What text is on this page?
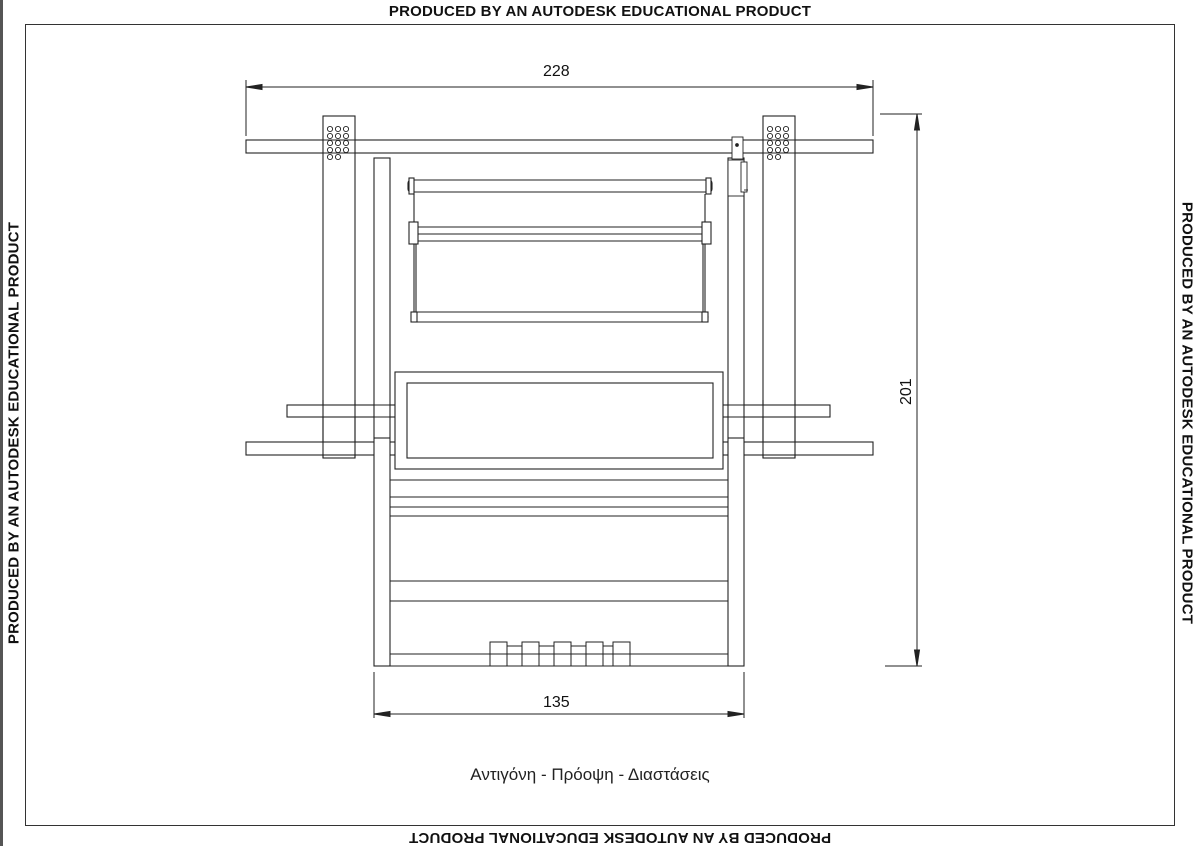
PRODUCED BY AN AUTODESK EDUCATIONAL PRODUCT
PRODUCED BY AN AUTODESK EDUCATIONAL PRODUCT
PRODUCED BY AN AUTODESK EDUCATIONAL PRODUCT	PRODUCED BY AN AUTODESK EDUCATIONAL PRODUCT
228
135
201
Αντιγόνη - Πρόοψη - Διαστάσεις
